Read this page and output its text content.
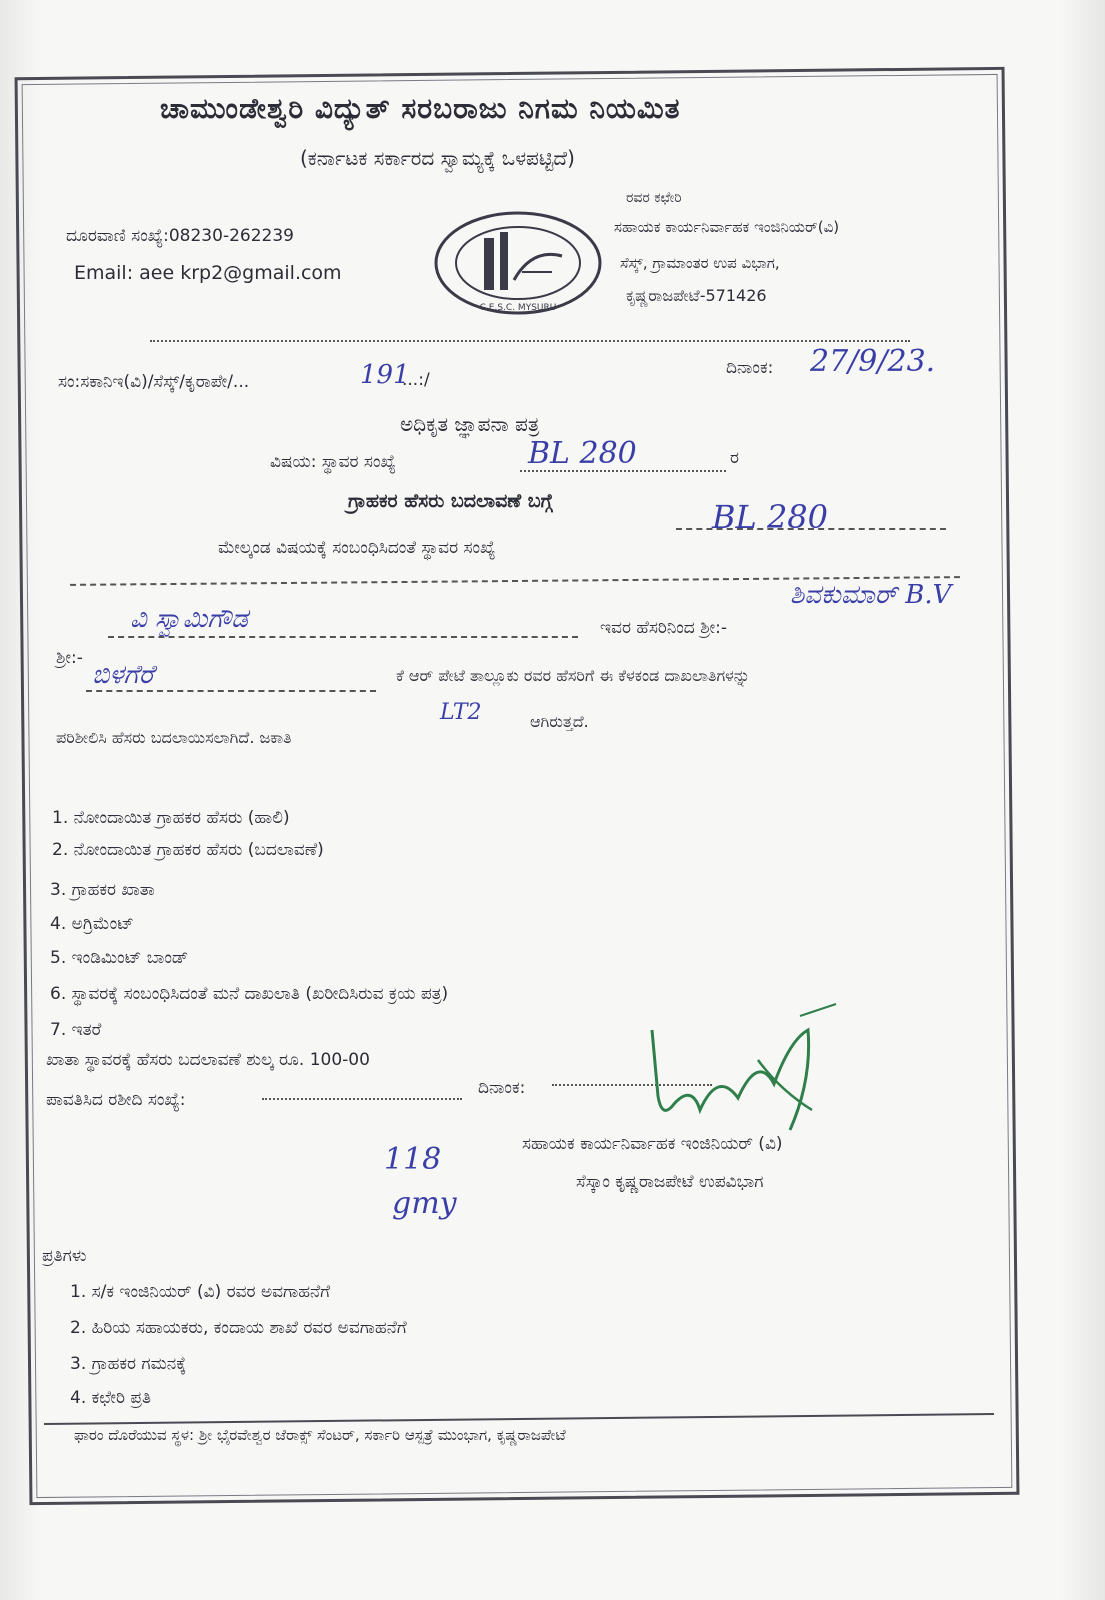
ಚಾಮುಂಡೇಶ್ವರಿ ವಿದ್ಯುತ್ ಸರಬರಾಜು ನಿಗಮ ನಿಯಮಿತ
(ಕರ್ನಾಟಕ ಸರ್ಕಾರದ ಸ್ವಾಮ್ಯಕ್ಕೆ ಒಳಪಟ್ಟಿದೆ)
ದೂರವಾಣಿ ಸಂಖ್ಯೆ:08230-262239
Email: aee krp2@gmail.com
C.E.S.C. MYSURU
ರವರ ಕಛೇರಿ
ಸಹಾಯಕ ಕಾರ್ಯನಿರ್ವಾಹಕ ಇಂಜಿನಿಯರ್(ವಿ)
ಸೆಸ್ಕ್, ಗ್ರಾಮಾಂತರ ಉಪ ವಿಭಾಗ,
ಕೃಷ್ಣರಾಜಪೇಟೆ-571426
ಸಂ:ಸಕಾನಿಇ(ವಿ)/ಸೆಸ್ಕ್/ಕೃರಾಪೇ/...	191
...:/
ದಿನಾಂಕ: 27/9/23.
ಅಧಿಕೃತ ಜ್ಞಾಪನಾ ಪತ್ರ
ವಿಷಯ: ಸ್ಥಾವರ ಸಂಖ್ಯೆ	BL 280	ರ
ಗ್ರಾಹಕರ ಹೆಸರು ಬದಲಾವಣೆ ಬಗ್ಗೆ
ಮೇಲ್ಕಂಡ ವಿಷಯಕ್ಕೆ ಸಂಬಂಧಿಸಿದಂತೆ ಸ್ಥಾವರ ಸಂಖ್ಯೆ
BL 280
ಶ್ರೀ:-
ವಿ ಸ್ವಾಮಿಗೌಡ	ಇವರ ಹೆಸರಿನಿಂದ ಶ್ರೀ:-
ಶಿವಕುಮಾರ್ B.V
ಬಿಳಗೆರೆ	ಕೆ ಆರ್ ಪೇಟೆ ತಾಲ್ಲೂಕು ರವರ ಹೆಸರಿಗೆ ಈ ಕೆಳಕಂಡ ದಾಖಲಾತಿಗಳನ್ನು
ಪರಿಶೀಲಿಸಿ ಹೆಸರು ಬದಲಾಯಿಸಲಾಗಿದೆ. ಜಕಾತಿ
LT2	ಆಗಿರುತ್ತದೆ.
1. ನೋಂದಾಯಿತ ಗ್ರಾಹಕರ ಹೆಸರು (ಹಾಲಿ)
2. ನೋಂದಾಯಿತ ಗ್ರಾಹಕರ ಹೆಸರು (ಬದಲಾವಣೆ)
3. ಗ್ರಾಹಕರ ಖಾತಾ
4. ಅಗ್ರಿಮೆಂಟ್
5. ಇಂಡಿಮಿಂಟ್ ಬಾಂಡ್
6. ಸ್ಥಾವರಕ್ಕೆ ಸಂಬಂಧಿಸಿದಂತೆ ಮನೆ ದಾಖಲಾತಿ (ಖರೀದಿಸಿರುವ ಕ್ರಯ ಪತ್ರ)
7. ಇತರೆ
ಖಾತಾ ಸ್ಥಾವರಕ್ಕೆ ಹೆಸರು ಬದಲಾವಣೆ ಶುಲ್ಕ ರೂ. 100-00
ಪಾವತಿಸಿದ ರಶೀದಿ ಸಂಖ್ಯೆ:
ದಿನಾಂಕ:
118
gmy
ಸಹಾಯಕ ಕಾರ್ಯನಿರ್ವಾಹಕ ಇಂಜಿನಿಯರ್ (ವಿ)
ಸೆಸ್ಕಾಂ ಕೃಷ್ಣರಾಜಪೇಟೆ ಉಪವಿಭಾಗ
ಪ್ರತಿಗಳು
1. ಸ/ಕ ಇಂಜಿನಿಯರ್ (ವಿ) ರವರ ಅವಗಾಹನೆಗೆ
2. ಹಿರಿಯ ಸಹಾಯಕರು, ಕಂದಾಯ ಶಾಖೆ ರವರ ಅವಗಾಹನೆಗೆ
3. ಗ್ರಾಹಕರ ಗಮನಕ್ಕೆ
4. ಕಛೇರಿ ಪ್ರತಿ
ಫಾರಂ ದೊರೆಯುವ ಸ್ಥಳ: ಶ್ರೀ ಭೈರವೇಶ್ವರ ಜೆರಾಕ್ಸ್ ಸೆಂಟರ್, ಸರ್ಕಾರಿ ಆಸ್ಪತ್ರೆ ಮುಂಭಾಗ, ಕೃಷ್ಣರಾಜಪೇಟೆ
